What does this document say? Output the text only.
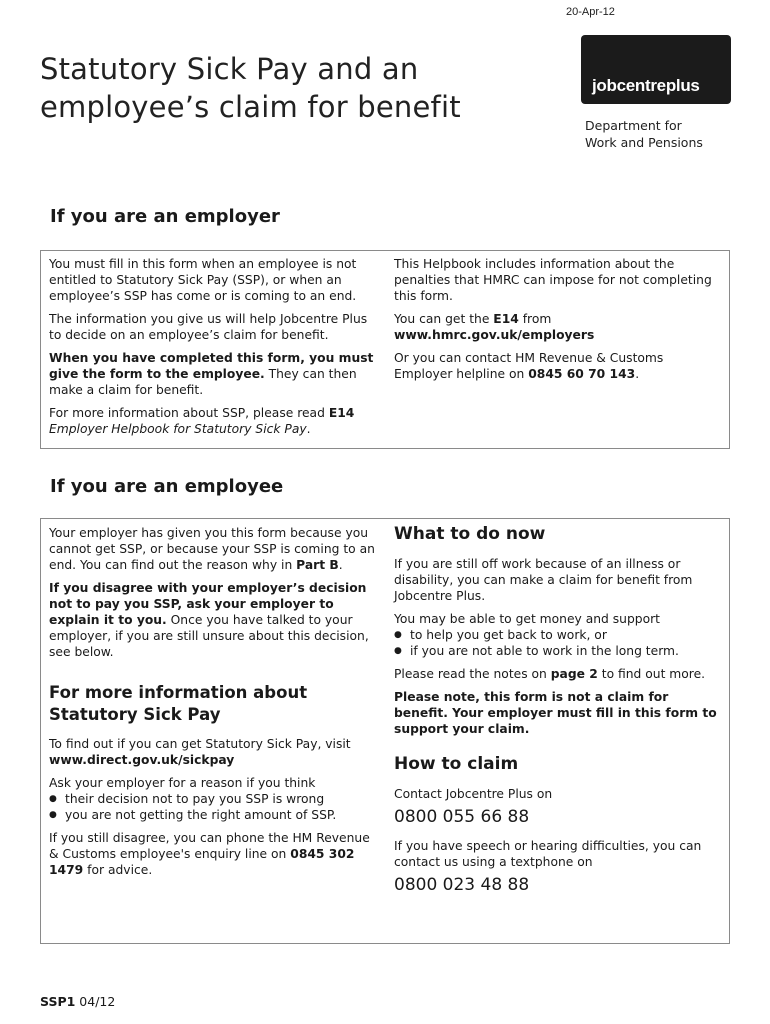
20-Apr-12
Statutory Sick Pay and an
employee’s claim for benefit
jobcentreplus
Department for
Work and Pensions
If you are an employer

You must fill in this form when an employee is not entitled to Statutory Sick Pay (SSP), or when an employee’s SSP has come or is coming to an end.

The information you give us will help Jobcentre Plus to decide on an employee’s claim for benefit.

When you have completed this form, you must give the form to the employee. They can then make a claim for benefit.

For more information about SSP, please read E14
Employer Helpbook for Statutory Sick Pay.

This Helpbook includes information about the penalties that HMRC can impose for not completing this form.

You can get the E14 from
www.hmrc.gov.uk/employers

Or you can contact HM Revenue & Customs Employer helpline on 0845 60 70 143.

If you are an employee

Your employer has given you this form because you cannot get SSP, or because your SSP is coming to an end. You can find out the reason why in Part B.

If you disagree with your employer’s decision not to pay you SSP, ask your employer to explain it to you. Once you have talked to your employer, if you are still unsure about this decision, see below.

For more information about
Statutory Sick Pay

To find out if you can get Statutory Sick Pay, visit
www.direct.gov.uk/sickpay

Ask your employer for a reason if you think

● their decision not to pay you SSP is wrong
● you are not getting the right amount of SSP.

If you still disagree, you can phone the HM Revenue & Customs employee's enquiry line on 0845 302 1479 for advice.

What to do now

If you are still off work because of an illness or disability, you can make a claim for benefit from Jobcentre Plus.

You may be able to get money and support

● to help you get back to work, or
● if you are not able to work in the long term.

Please read the notes on page 2 to find out more.

Please note, this form is not a claim for benefit. Your employer must fill in this form to support your claim.

How to claim

Contact Jobcentre Plus on

0800 055 66 88

If you have speech or hearing difficulties, you can contact us using a textphone on

0800 023 48 88
SSP1 04/12
